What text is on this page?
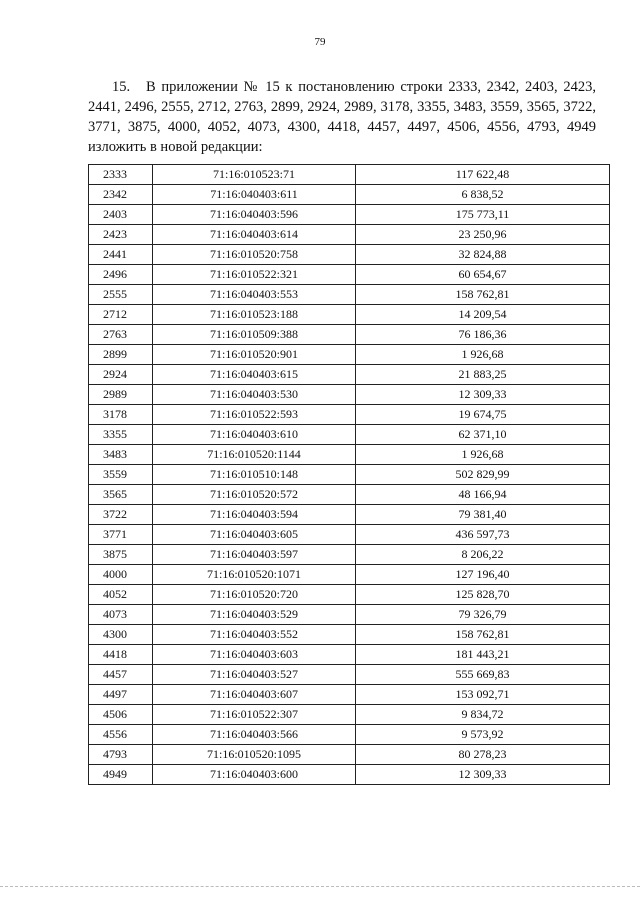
79
15. В приложении № 15 к постановлению строки 2333, 2342, 2403, 2423, 2441, 2496, 2555, 2712, 2763, 2899, 2924, 2989, 3178, 3355, 3483, 3559, 3565, 3722, 3771, 3875, 4000, 4052, 4073, 4300, 4418, 4457, 4497, 4506, 4556, 4793, 4949 изложить в новой редакции:
2333	71:16:010523:71	117 622,48
2342	71:16:040403:611	6 838,52
2403	71:16:040403:596	175 773,11
2423	71:16:040403:614	23 250,96
2441	71:16:010520:758	32 824,88
2496	71:16:010522:321	60 654,67
2555	71:16:040403:553	158 762,81
2712	71:16:010523:188	14 209,54
2763	71:16:010509:388	76 186,36
2899	71:16:010520:901	1 926,68
2924	71:16:040403:615	21 883,25
2989	71:16:040403:530	12 309,33
3178	71:16:010522:593	19 674,75
3355	71:16:040403:610	62 371,10
3483	71:16:010520:1144	1 926,68
3559	71:16:010510:148	502 829,99
3565	71:16:010520:572	48 166,94
3722	71:16:040403:594	79 381,40
3771	71:16:040403:605	436 597,73
3875	71:16:040403:597	8 206,22
4000	71:16:010520:1071	127 196,40
4052	71:16:010520:720	125 828,70
4073	71:16:040403:529	79 326,79
4300	71:16:040403:552	158 762,81
4418	71:16:040403:603	181 443,21
4457	71:16:040403:527	555 669,83
4497	71:16:040403:607	153 092,71
4506	71:16:010522:307	9 834,72
4556	71:16:040403:566	9 573,92
4793	71:16:010520:1095	80 278,23
4949	71:16:040403:600	12 309,33
